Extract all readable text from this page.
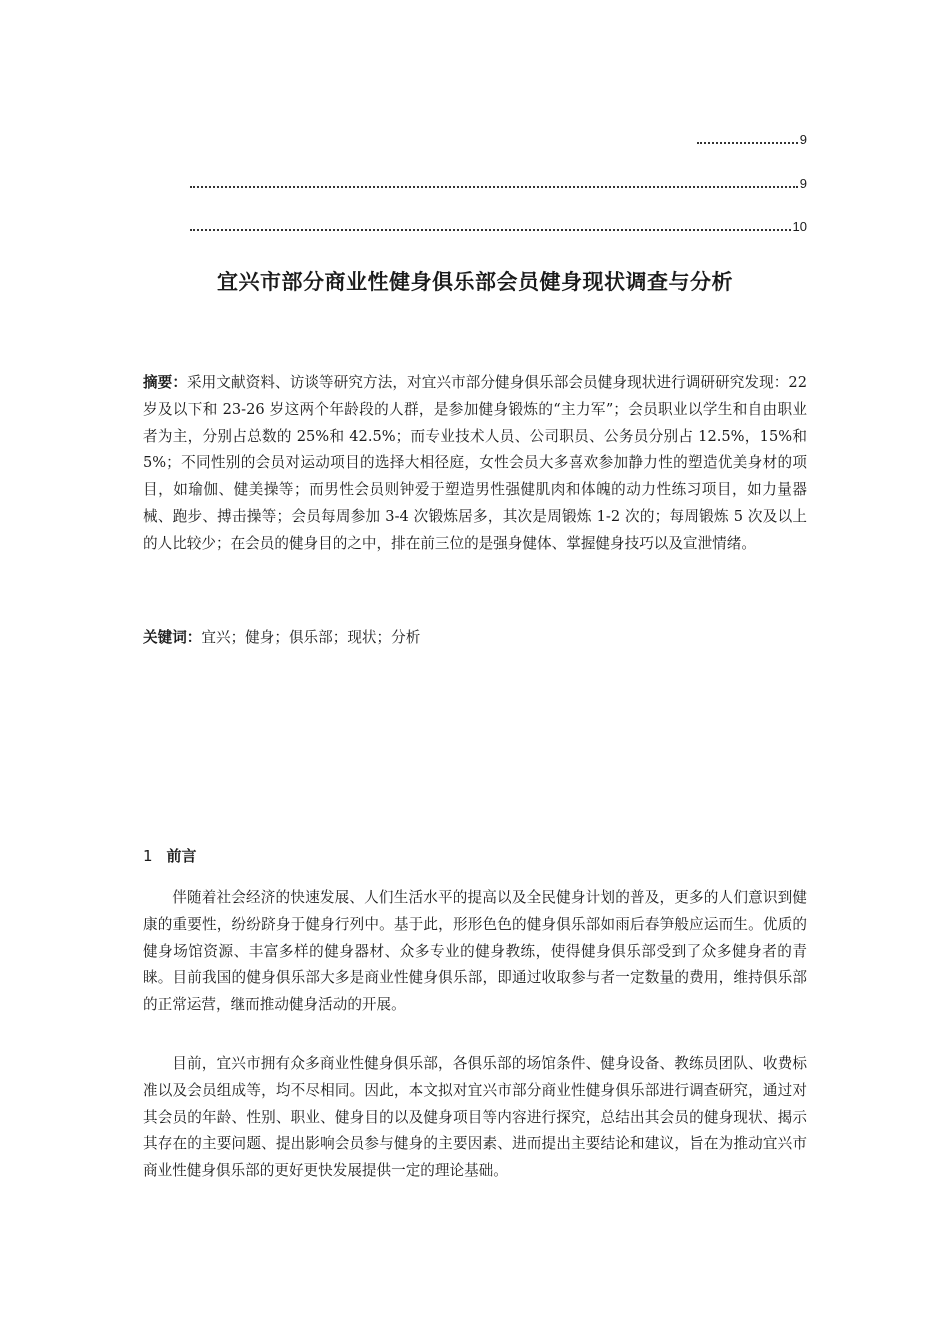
9
9
10
宜兴市部分商业性健身俱乐部会员健身现状调查与分析

摘要：采用文献资料、访谈等研究方法，对宜兴市部分健身俱乐部会员健身现状进行调研研究发现：22 岁及以下和 23-26 岁这两个年龄段的人群，是参加健身锻炼的“主力军”；会员职业以学生和自由职业者为主，分别占总数的 25%和 42.5%；而专业技术人员、公司职员、公务员分别占 12.5%，15%和 5%；不同性别的会员对运动项目的选择大相径庭，女性会员大多喜欢参加静力性的塑造优美身材的项目，如瑜伽、健美操等；而男性会员则钟爱于塑造男性强健肌肉和体魄的动力性练习项目，如力量器械、跑步、搏击操等；会员每周参加 3-4 次锻炼居多，其次是周锻炼 1-2 次的；每周锻炼 5 次及以上的人比较少；在会员的健身目的之中，排在前三位的是强身健体、掌握健身技巧以及宣泄情绪。

关键词：宜兴；健身；俱乐部；现状；分析

1 前言

伴随着社会经济的快速发展、人们生活水平的提高以及全民健身计划的普及，更多的人们意识到健康的重要性，纷纷跻身于健身行列中。基于此，形形色色的健身俱乐部如雨后春笋般应运而生。优质的健身场馆资源、丰富多样的健身器材、众多专业的健身教练，使得健身俱乐部受到了众多健身者的青睐。目前我国的健身俱乐部大多是商业性健身俱乐部，即通过收取参与者一定数量的费用，维持俱乐部的正常运营，继而推动健身活动的开展。

目前，宜兴市拥有众多商业性健身俱乐部，各俱乐部的场馆条件、健身设备、教练员团队、收费标准以及会员组成等，均不尽相同。因此，本文拟对宜兴市部分商业性健身俱乐部进行调查研究，通过对其会员的年龄、性别、职业、健身目的以及健身项目等内容进行探究，总结出其会员的健身现状、揭示其存在的主要问题、提出影响会员参与健身的主要因素、进而提出主要结论和建议，旨在为推动宜兴市商业性健身俱乐部的更好更快发展提供一定的理论基础。
